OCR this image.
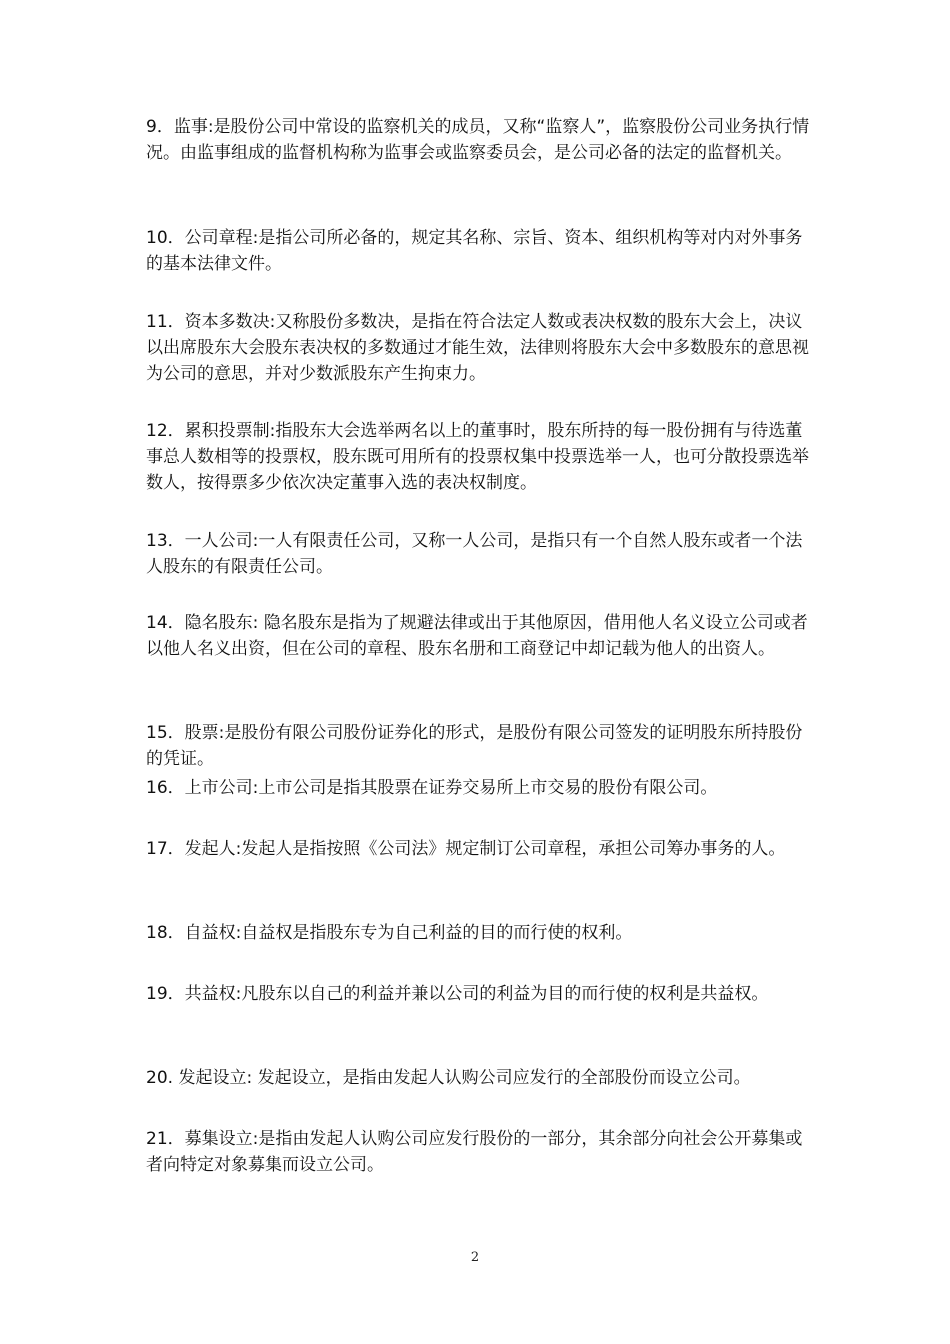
9．监事:是股份公司中常设的监察机关的成员，又称“监察人”，监察股份公司业务执行情况。由监事组成的监督机构称为监事会或监察委员会，是公司必备的法定的监督机关。

10．公司章程:是指公司所必备的，规定其名称、宗旨、资本、组织机构等对内对外事务的基本法律文件。

11．资本多数决:又称股份多数决，是指在符合法定人数或表决权数的股东大会上，决议以出席股东大会股东表决权的多数通过才能生效，法律则将股东大会中多数股东的意思视为公司的意思，并对少数派股东产生拘束力。

12．累积投票制:指股东大会选举两名以上的董事时，股东所持的每一股份拥有与待选董事总人数相等的投票权，股东既可用所有的投票权集中投票选举一人，也可分散投票选举数人，按得票多少依次决定董事入选的表决权制度。

13．一人公司:一人有限责任公司，又称一人公司，是指只有一个自然人股东或者一个法人股东的有限责任公司。

14．隐名股东: 隐名股东是指为了规避法律或出于其他原因，借用他人名义设立公司或者以他人名义出资，但在公司的章程、股东名册和工商登记中却记载为他人的出资人。

15．股票:是股份有限公司股份证券化的形式，是股份有限公司签发的证明股东所持股份的凭证。

16．上市公司:上市公司是指其股票在证券交易所上市交易的股份有限公司。

17．发起人:发起人是指按照《公司法》规定制订公司章程，承担公司筹办事务的人。

18．自益权:自益权是指股东专为自己利益的目的而行使的权利。

19．共益权:凡股东以自己的利益并兼以公司的利益为目的而行使的权利是共益权。

20. 发起设立: 发起设立，是指由发起人认购公司应发行的全部股份而设立公司。

21．募集设立:是指由发起人认购公司应发行股份的一部分，其余部分向社会公开募集或者向特定对象募集而设立公司。

2
